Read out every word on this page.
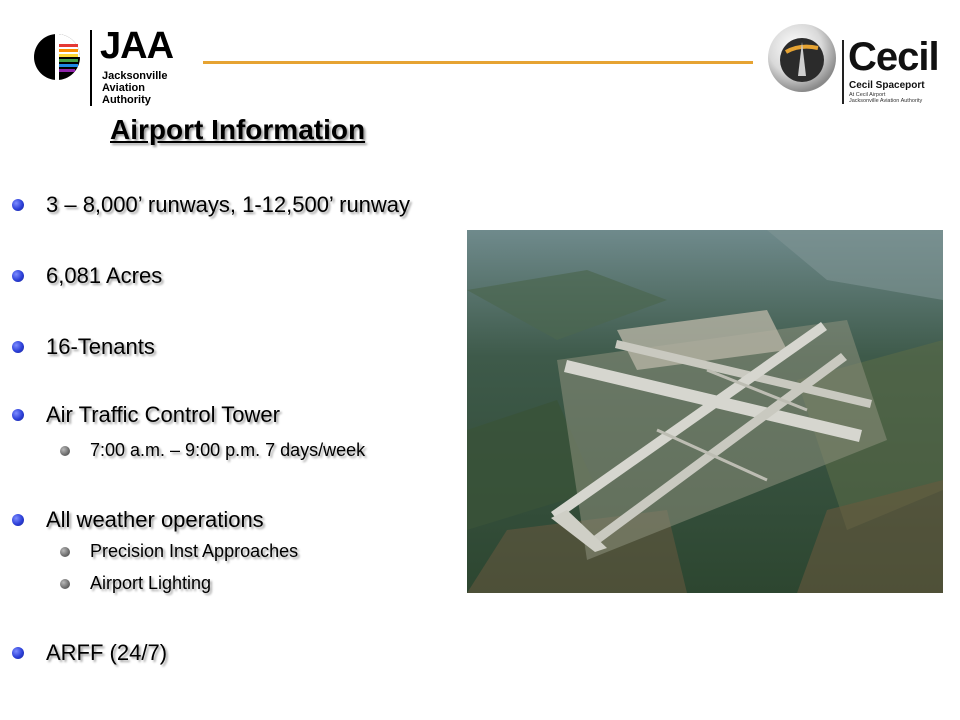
JAA
Jacksonville
Aviation
Authority
Cecil
Cecil Spaceport
At Cecil Airport
Jacksonville Aviation Authority
Airport Information
3 – 8,000’ runways, 1-12,500’ runway
6,081 Acres
16-Tenants
Air Traffic Control Tower
7:00 a.m. – 9:00 p.m. 7 days/week
All weather operations
Precision Inst Approaches
Airport Lighting
ARFF (24/7)
